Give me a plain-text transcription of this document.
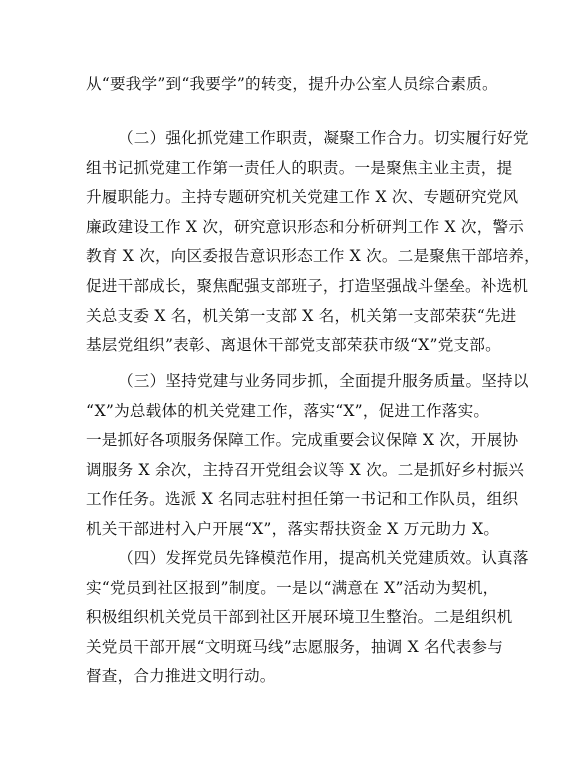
从“要我学”到“我要学”的转变，提升办公室人员综合素质。
（二）强化抓党建工作职责，凝聚工作合力。切实履行好党
组书记抓党建工作第一责任人的职责。一是聚焦主业主责，提
升履职能力。主持专题研究机关党建工作 X 次、专题研究党风
廉政建设工作 X 次，研究意识形态和分析研判工作 X 次，警示
教育 X 次，向区委报告意识形态工作 X 次。二是聚焦干部培养，
促进干部成长，聚焦配强支部班子，打造坚强战斗堡垒。补选机
关总支委 X 名，机关第一支部 X 名，机关第一支部荣获“先进
基层党组织”表彰、离退休干部党支部荣获市级“X”党支部。
（三）坚持党建与业务同步抓，全面提升服务质量。坚持以
“X”为总载体的机关党建工作，落实“X”，促进工作落实。
一是抓好各项服务保障工作。完成重要会议保障 X 次，开展协
调服务 X 余次，主持召开党组会议等 X 次。二是抓好乡村振兴
工作任务。选派 X 名同志驻村担任第一书记和工作队员，组织
机关干部进村入户开展“X”，落实帮扶资金 X 万元助力 X。
（四）发挥党员先锋模范作用，提高机关党建质效。认真落
实“党员到社区报到”制度。一是以“满意在 X”活动为契机，
积极组织机关党员干部到社区开展环境卫生整治。二是组织机
关党员干部开展“文明斑马线”志愿服务，抽调 X 名代表参与
督查，合力推进文明行动。
